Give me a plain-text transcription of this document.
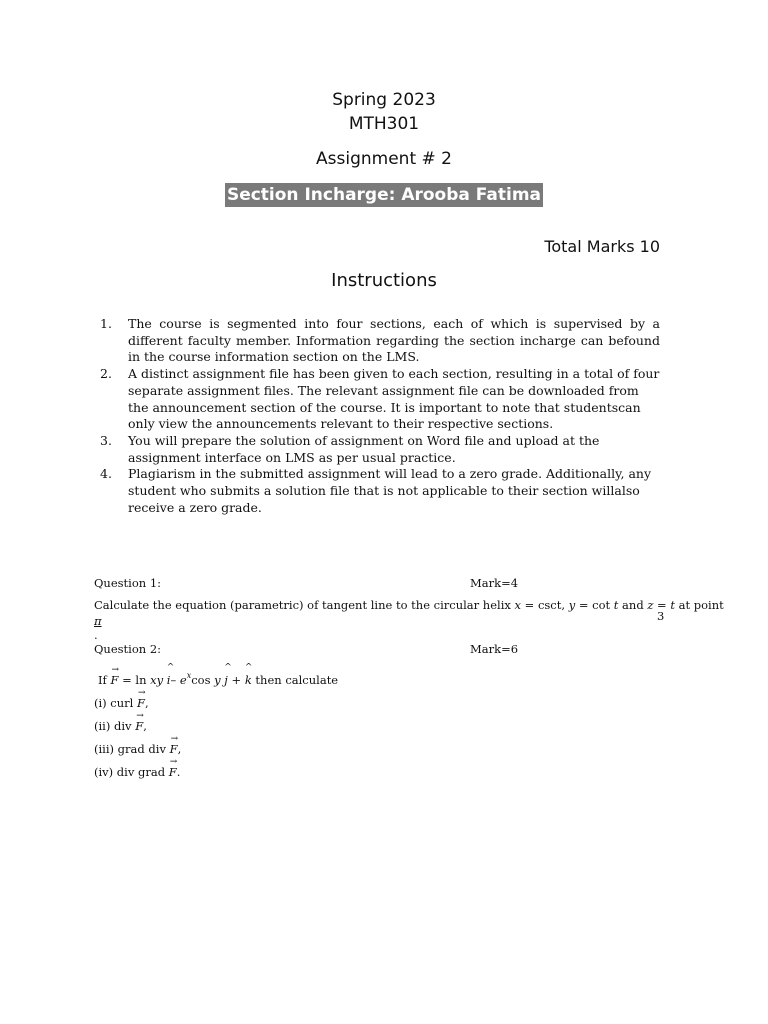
Spring 2023
MTH301
Assignment # 2
Section Incharge: Arooba Fatima
Total Marks 10
Instructions
1. The course is segmented into four sections, each of which is supervised by a different faculty member. Information regarding the section incharge can befound in the course information section on the LMS.
2. A distinct assignment file has been given to each section, resulting in a total of four separate assignment files. The relevant assignment file can be downloaded from the announcement section of the course. It is important to note that studentscan only view the announcements relevant to their respective sections.
3. You will prepare the solution of assignment on Word file and upload at the assignment interface on LMS as per usual practice.
4. Plagiarism in the submitted assignment will lead to a zero grade. Additionally, any student who submits a solution file that is not applicable to their section willalso receive a zero grade.
Question 1:	Mark=4
Calculate the equation (parametric) of tangent line to the circular helix x = csct, y = cot t and z = t at point
π
.
3
Question 2:	Mark=6
If → F = ln xy ^ i– $e^x\cos$ y ^ j + ^ k then calculate
(i) curl → F,
(ii) div → F,
(iii) grad div → F,
(iv) div grad → F.
